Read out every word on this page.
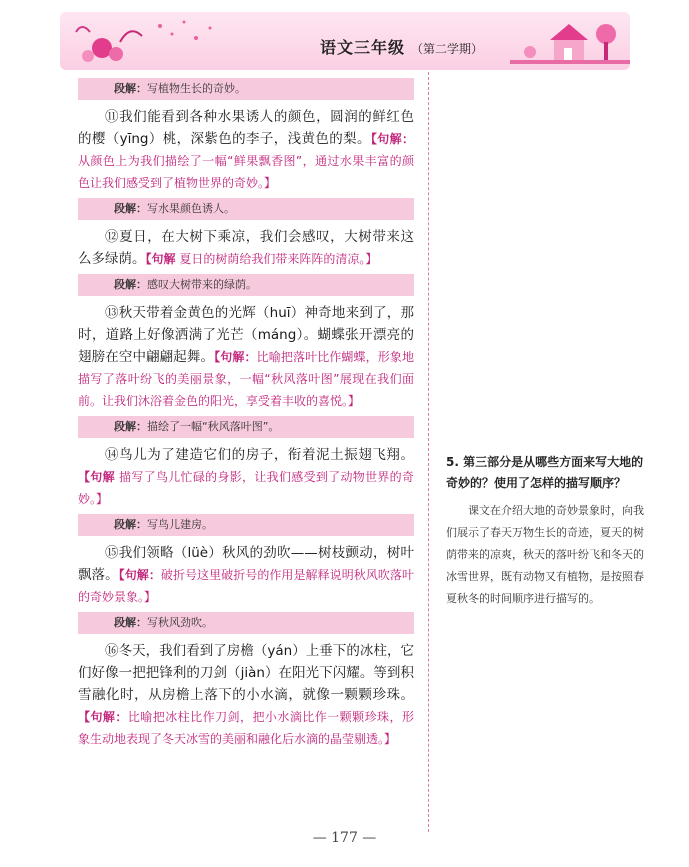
语文三年级 （第二学期）
段解：写植物生长的奇妙。

⑪我们能看到各种水果诱人的颜色，圆润的鲜红色的樱（yīng）桃，深紫色的李子，浅黄色的梨。【句解：从颜色上为我们描绘了一幅“鲜果飘香图”，通过水果丰富的颜色让我们感受到了植物世界的奇妙。】

段解：写水果颜色诱人。

⑫夏日，在大树下乘凉，我们会感叹，大树带来这么多绿荫。【句解 夏日的树荫给我们带来阵阵的清凉。】

段解：感叹大树带来的绿荫。

⑬秋天带着金黄色的光辉（huī）神奇地来到了，那时，道路上好像洒满了光芒（máng）。蝴蝶张开漂亮的翅膀在空中翩翩起舞。【句解：比喻把落叶比作蝴蝶，形象地描写了落叶纷飞的美丽景象，一幅“秋风落叶图”展现在我们面前。让我们沐浴着金色的阳光，享受着丰收的喜悦。】

段解：描绘了一幅“秋风落叶图”。

⑭鸟儿为了建造它们的房子，衔着泥土振翅飞翔。【句解 描写了鸟儿忙碌的身影，让我们感受到了动物世界的奇妙。】

段解：写鸟儿建房。

⑮我们领略（lüè）秋风的劲吹——树枝颤动，树叶飘落。【句解：破折号这里破折号的作用是解释说明秋风吹落叶的奇妙景象。】

段解：写秋风劲吹。

⑯冬天，我们看到了房檐（yán）上垂下的冰柱，它们好像一把把锋利的刀剑（jiàn）在阳光下闪耀。等到积雪融化时，从房檐上落下的小水滴，就像一颗颗珍珠。【句解：比喻把冰柱比作刀剑，把小水滴比作一颗颗珍珠，形象生动地表现了冬天冰雪的美丽和融化后水滴的晶莹剔透。】

5. 第三部分是从哪些方面来写大地的奇妙的？使用了怎样的描写顺序？

课文在介绍大地的奇妙景象时，向我们展示了春天万物生长的奇迹，夏天的树荫带来的凉爽，秋天的落叶纷飞和冬天的冰雪世界，既有动物又有植物，是按照春夏秋冬的时间顺序进行描写的。

— 177 —
